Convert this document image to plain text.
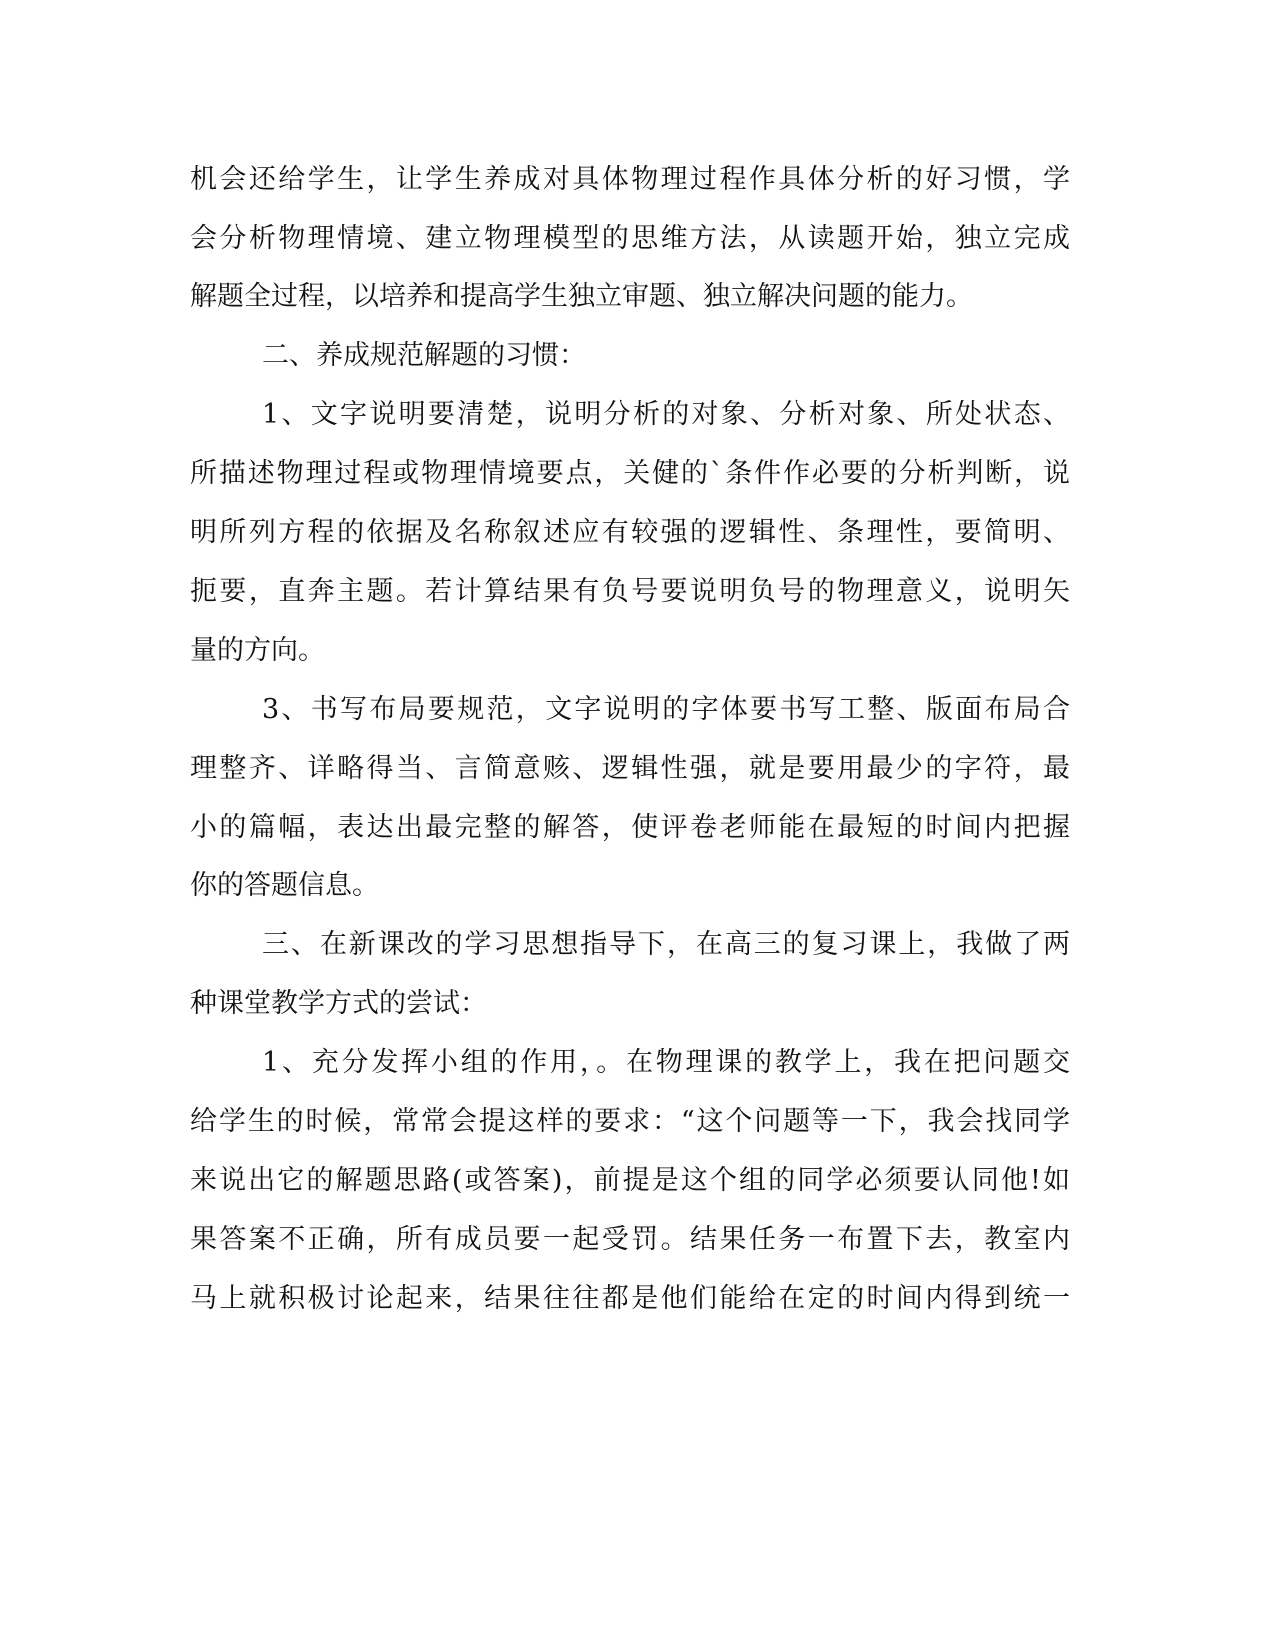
机会还给学生，让学生养成对具体物理过程作具体分析的好习惯，学
会分析物理情境、建立物理模型的思维方法，从读题开始，独立完成
解题全过程，以培养和提高学生独立审题、独立解决问题的能力。
二、养成规范解题的习惯：
1、文字说明要清楚，说明分析的对象、分析对象、所处状态、
所描述物理过程或物理情境要点，关健的`条件作必要的分析判断，说
明所列方程的依据及名称叙述应有较强的逻辑性、条理性，要简明、
扼要，直奔主题。若计算结果有负号要说明负号的物理意义，说明矢
量的方向。
3、书写布局要规范，文字说明的字体要书写工整、版面布局合
理整齐、详略得当、言简意赅、逻辑性强，就是要用最少的字符，最
小的篇幅，表达出最完整的解答，使评卷老师能在最短的时间内把握
你的答题信息。
三、在新课改的学习思想指导下，在高三的复习课上，我做了两
种课堂教学方式的尝试：
1、充分发挥小组的作用，。在物理课的教学上，我在把问题交
给学生的时候，常常会提这样的要求：“这个问题等一下，我会找同学
来说出它的解题思路(或答案)，前提是这个组的同学必须要认同他!如
果答案不正确，所有成员要一起受罚。结果任务一布置下去，教室内
马上就积极讨论起来，结果往往都是他们能给在定的时间内得到统一
